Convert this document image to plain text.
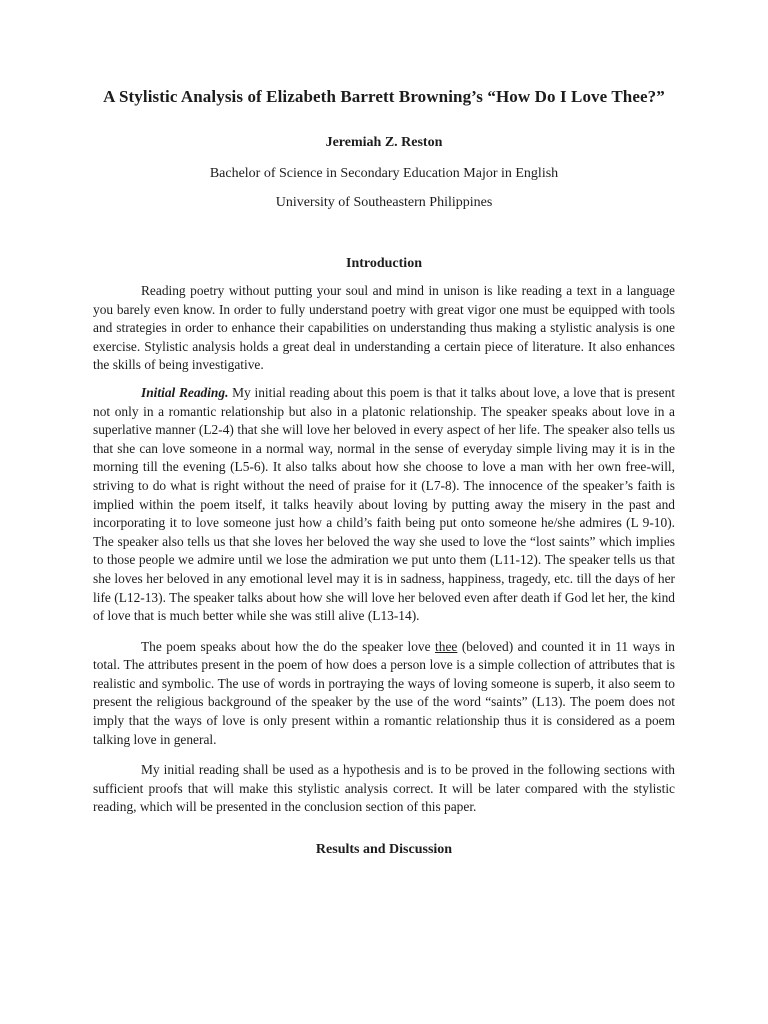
A Stylistic Analysis of Elizabeth Barrett Browning’s “How Do I Love Thee?”

Jeremiah Z. Reston

Bachelor of Science in Secondary Education Major in English

University of Southeastern Philippines

Introduction

Reading poetry without putting your soul and mind in unison is like reading a text in a language you barely even know. In order to fully understand poetry with great vigor one must be equipped with tools and strategies in order to enhance their capabilities on understanding thus making a stylistic analysis is one exercise. Stylistic analysis holds a great deal in understanding a certain piece of literature. It also enhances the skills of being investigative.

Initial Reading. My initial reading about this poem is that it talks about love, a love that is present not only in a romantic relationship but also in a platonic relationship. The speaker speaks about love in a superlative manner (L2-4) that she will love her beloved in every aspect of her life. The speaker also tells us that she can love someone in a normal way, normal in the sense of everyday simple living may it is in the morning till the evening (L5-6). It also talks about how she choose to love a man with her own free-will, striving to do what is right without the need of praise for it (L7-8). The innocence of the speaker’s faith is implied within the poem itself, it talks heavily about loving by putting away the misery in the past and incorporating it to love someone just how a child’s faith being put onto someone he/she admires (L 9-10). The speaker also tells us that she loves her beloved the way she used to love the “lost saints” which implies to those people we admire until we lose the admiration we put unto them (L11-12). The speaker tells us that she loves her beloved in any emotional level may it is in sadness, happiness, tragedy, etc. till the days of her life (L12-13). The speaker talks about how she will love her beloved even after death if God let her, the kind of love that is much better while she was still alive (L13-14).

The poem speaks about how the do the speaker love thee (beloved) and counted it in 11 ways in total. The attributes present in the poem of how does a person love is a simple collection of attributes that is realistic and symbolic. The use of words in portraying the ways of loving someone is superb, it also seem to present the religious background of the speaker by the use of the word “saints” (L13). The poem does not imply that the ways of love is only present within a romantic relationship thus it is considered as a poem talking love in general.

My initial reading shall be used as a hypothesis and is to be proved in the following sections with sufficient proofs that will make this stylistic analysis correct. It will be later compared with the stylistic reading, which will be presented in the conclusion section of this paper.

Results and Discussion
